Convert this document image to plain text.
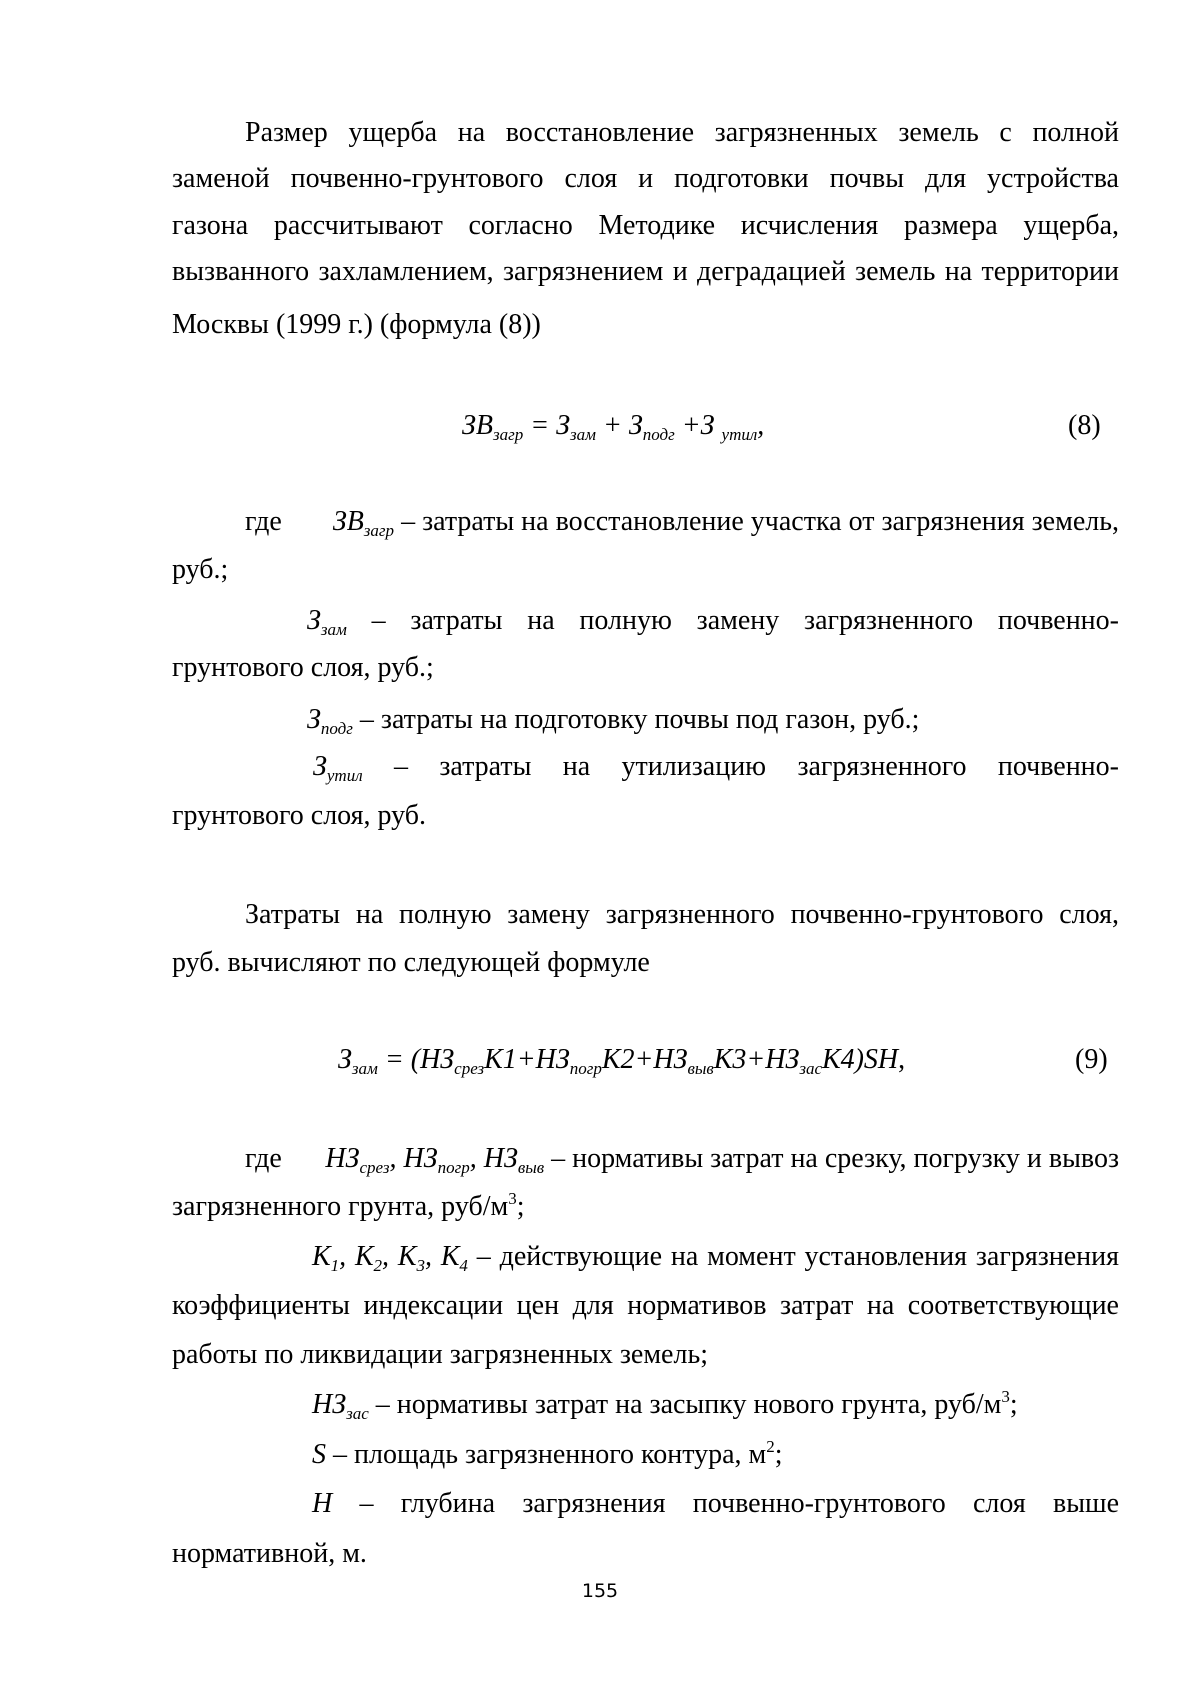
Размер ущерба на восстановление загрязненных земель с полной
заменой почвенно-грунтового слоя и подготовки почвы для устройства
газона рассчитывают согласно Методике исчисления размера ущерба,
вызванного захламлением, загрязнением и деградацией земель на территории
Москвы (1999 г.) (формула (8))
$ЗВ_{загр} = З_{зам} + З_{подг} +З$ $_{утил}$,	(8)
где $ЗВ_{загр}$ – затраты на восстановление участка от загрязнения земель,
руб.;
$З_{зам}$ – затраты на полную замену загрязненного почвенно-
грунтового слоя, руб.;
$З_{подг}$ – затраты на подготовку почвы под газон, руб.;
$З_{утил}$ – затраты на утилизацию загрязненного почвенно-
грунтового слоя, руб.
Затраты на полную замену загрязненного почвенно-грунтового слоя,
руб. вычисляют по следующей формуле
$З_{зам} = (НЗ_{срез}К1+НЗ_{погр}К2+НЗ_{выв}К3+НЗ_{зас}К4)SH$,	(9)
где $НЗ_{срез}$, $НЗ_{погр}$, $НЗ_{выв}$ – нормативы затрат на срезку, погрузку и вывоз
загрязненного грунта, руб/$м^3$;
$К_1$, $К_2$, $К_3$, $К_4$ – действующие на момент установления загрязнения
коэффициенты индексации цен для нормативов затрат на соответствующие
работы по ликвидации загрязненных земель;
$НЗ_{зас}$ – нормативы затрат на засыпку нового грунта, руб/$м^3$;
S – площадь загрязненного контура, $м^2$;
H – глубина загрязнения почвенно-грунтового слоя выше
нормативной, м.
155
